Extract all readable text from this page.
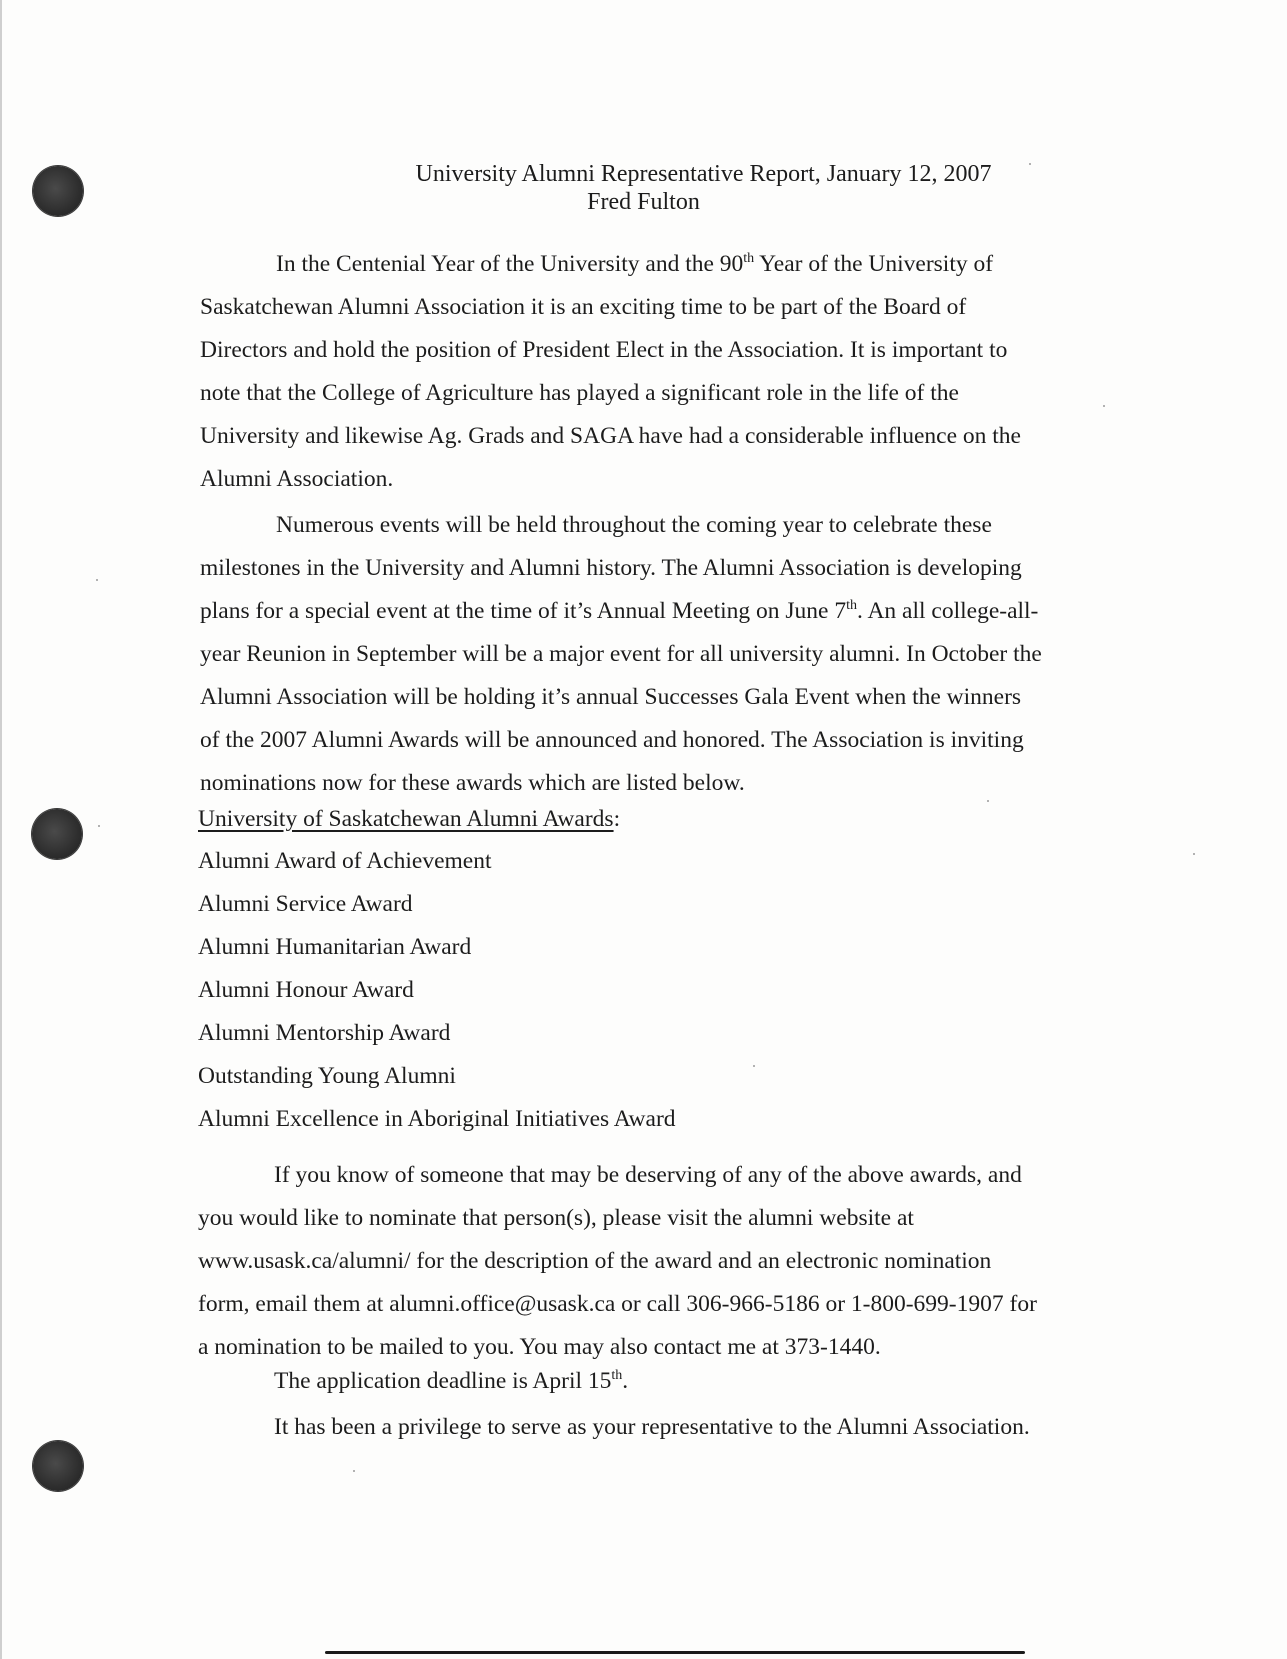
University Alumni Representative Report, January 12, 2007
Fred Fulton
In the Centenial Year of the University and the 90th Year of the University of
Saskatchewan Alumni Association it is an exciting time to be part of the Board of
Directors and hold the position of President Elect in the Association. It is important to
note that the College of Agriculture has played a significant role in the life of the
University and likewise Ag. Grads and SAGA have had a considerable influence on the
Alumni Association.
Numerous events will be held throughout the coming year to celebrate these
milestones in the University and Alumni history. The Alumni Association is developing
plans for a special event at the time of it’s Annual Meeting on June 7th. An all college-all-
year Reunion in September will be a major event for all university alumni. In October the
Alumni Association will be holding it’s annual Successes Gala Event when the winners
of the 2007 Alumni Awards will be announced and honored. The Association is inviting
nominations now for these awards which are listed below.
University of Saskatchewan Alumni Awards:
Alumni Award of Achievement
Alumni Service Award
Alumni Humanitarian Award
Alumni Honour Award
Alumni Mentorship Award
Outstanding Young Alumni
Alumni Excellence in Aboriginal Initiatives Award
If you know of someone that may be deserving of any of the above awards, and
you would like to nominate that person(s), please visit the alumni website at
www.usask.ca/alumni/ for the description of the award and an electronic nomination
form, email them at alumni.office@usask.ca or call 306-966-5186 or 1-800-699-1907 for
a nomination to be mailed to you. You may also contact me at 373-1440.
The application deadline is April 15th.
It has been a privilege to serve as your representative to the Alumni Association.
